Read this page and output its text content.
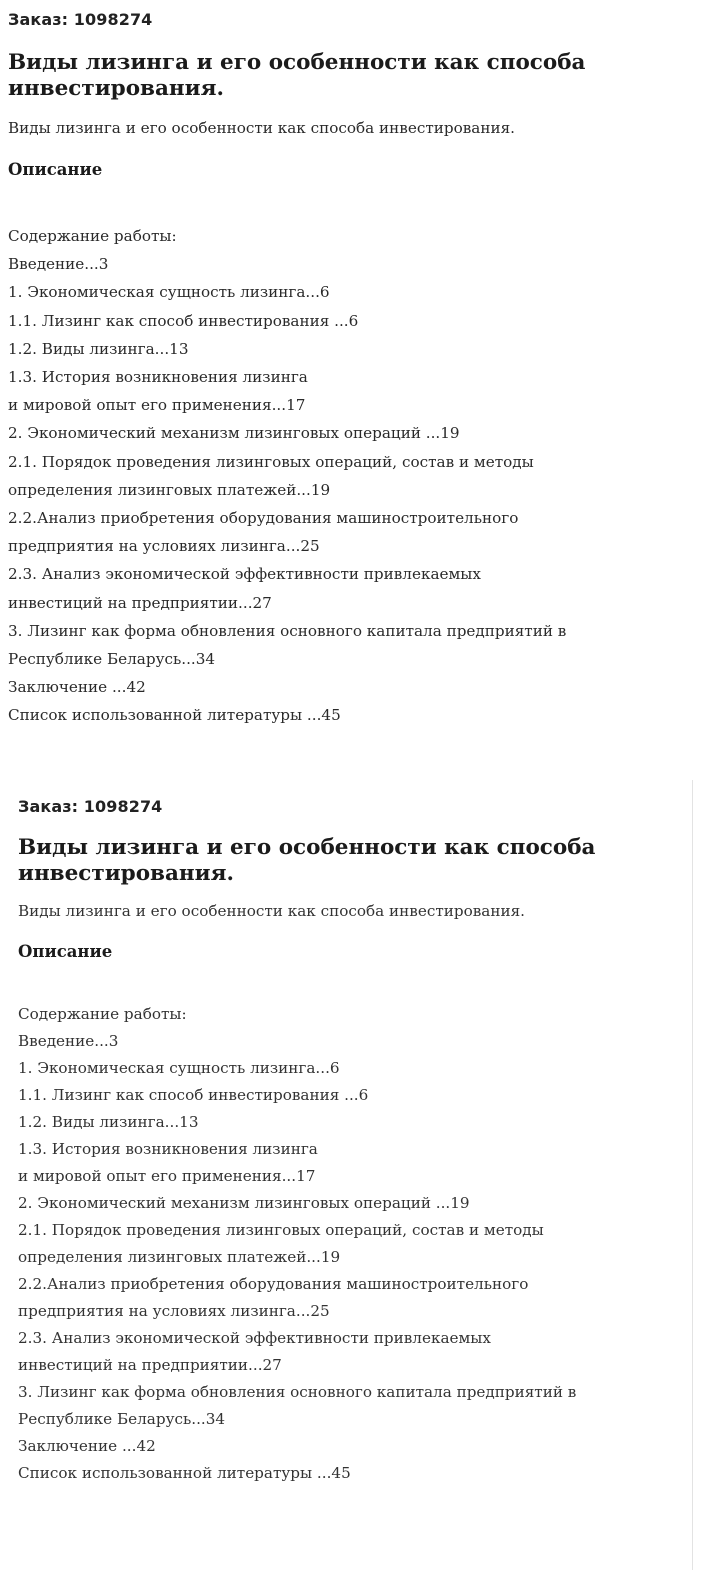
Заказ: 1098274
Виды лизинга и его особенности как способа
инвестирования.
Виды лизинга и его особенности как способа инвестирования.
Описание
Содержание работы:
Введение...3
1. Экономическая сущность лизинга...6
1.1. Лизинг как способ инвестирования ...6
1.2. Виды лизинга...13
1.3. История возникновения лизинга
и мировой опыт его применения...17
2. Экономический механизм лизинговых операций ...19
2.1. Порядок проведения лизинговых операций, состав и методы
определения лизинговых платежей...19
2.2.Анализ приобретения оборудования машиностроительного
предприятия на условиях лизинга...25
2.3. Анализ экономической эффективности привлекаемых
инвестиций на предприятии...27
3. Лизинг как форма обновления основного капитала предприятий в
Республике Беларусь...34
Заключение ...42
Список использованной литературы ...45
Заказ: 1098274
Виды лизинга и его особенности как способа
инвестирования.
Виды лизинга и его особенности как способа инвестирования.
Описание
Содержание работы:
Введение...3
1. Экономическая сущность лизинга...6
1.1. Лизинг как способ инвестирования ...6
1.2. Виды лизинга...13
1.3. История возникновения лизинга
и мировой опыт его применения...17
2. Экономический механизм лизинговых операций ...19
2.1. Порядок проведения лизинговых операций, состав и методы
определения лизинговых платежей...19
2.2.Анализ приобретения оборудования машиностроительного
предприятия на условиях лизинга...25
2.3. Анализ экономической эффективности привлекаемых
инвестиций на предприятии...27
3. Лизинг как форма обновления основного капитала предприятий в
Республике Беларусь...34
Заключение ...42
Список использованной литературы ...45
